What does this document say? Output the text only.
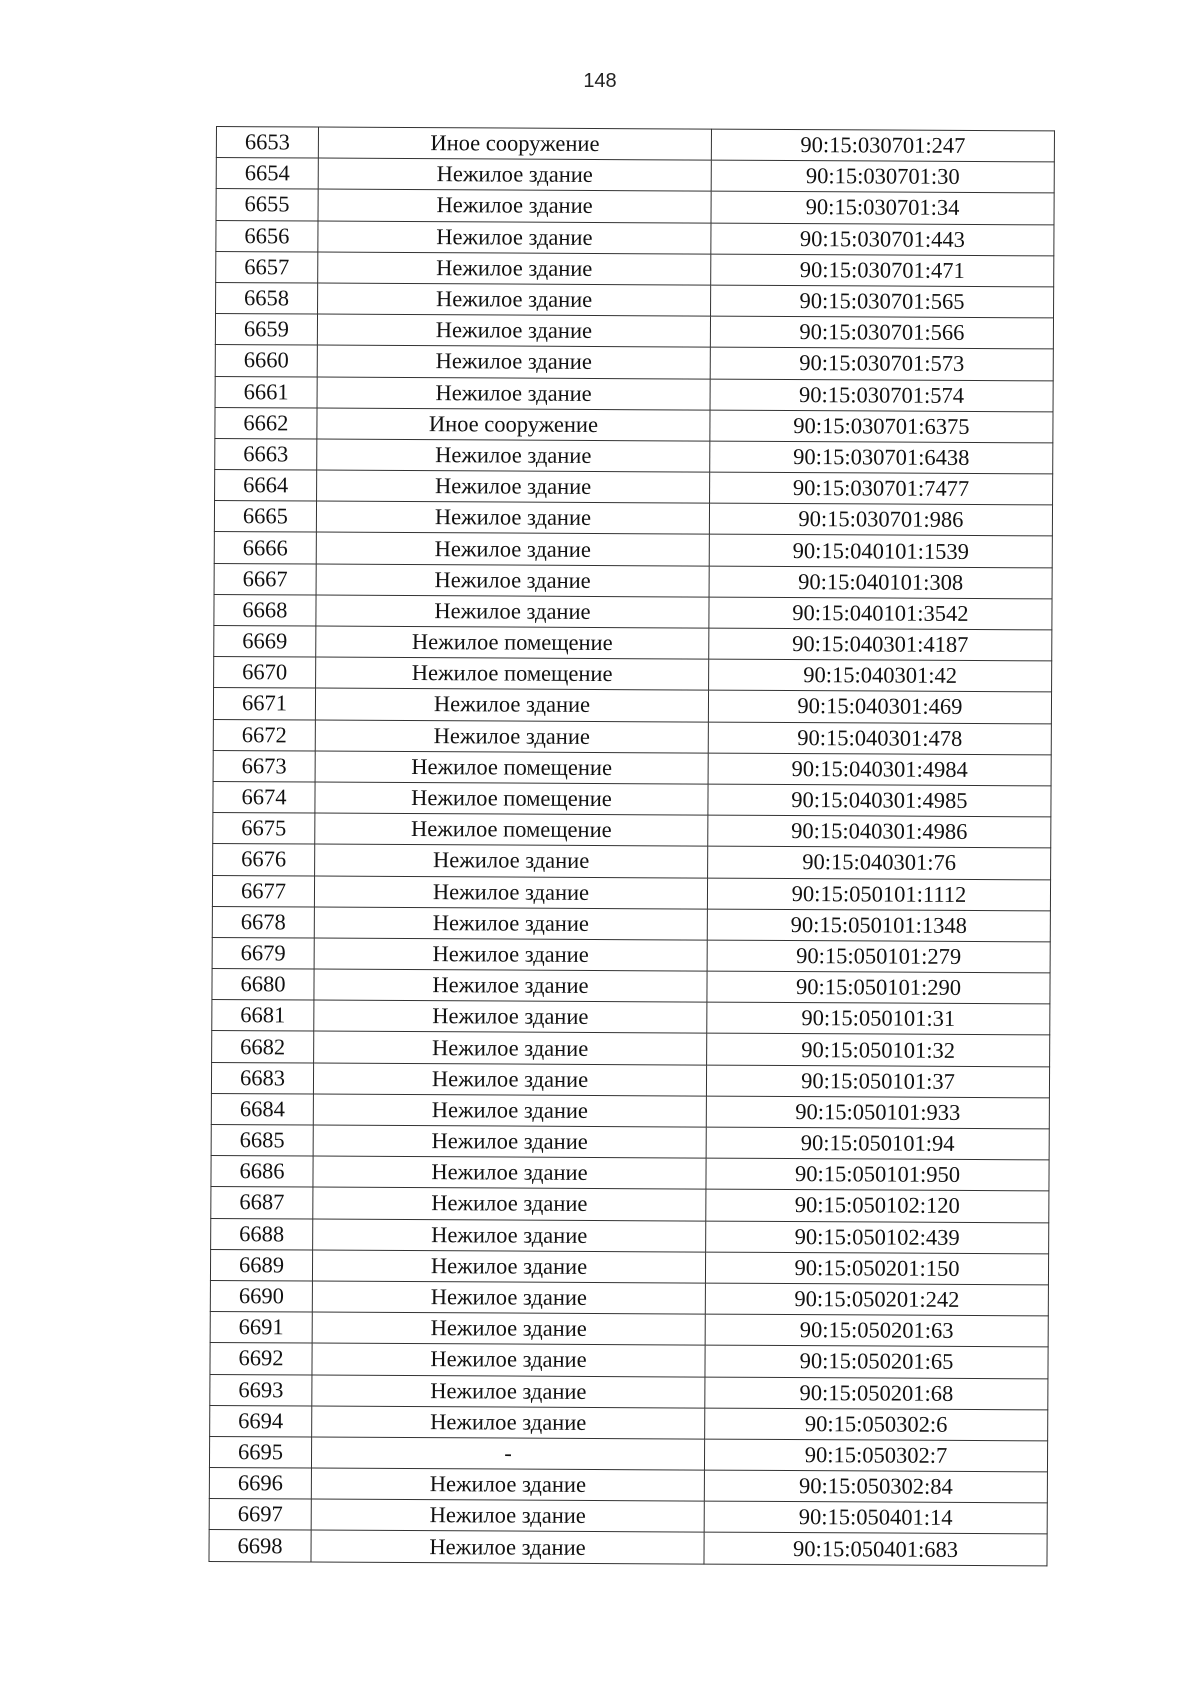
148
6653	Иное сооружение	90:15:030701:247
6654	Нежилое здание	90:15:030701:30
6655	Нежилое здание	90:15:030701:34
6656	Нежилое здание	90:15:030701:443
6657	Нежилое здание	90:15:030701:471
6658	Нежилое здание	90:15:030701:565
6659	Нежилое здание	90:15:030701:566
6660	Нежилое здание	90:15:030701:573
6661	Нежилое здание	90:15:030701:574
6662	Иное сооружение	90:15:030701:6375
6663	Нежилое здание	90:15:030701:6438
6664	Нежилое здание	90:15:030701:7477
6665	Нежилое здание	90:15:030701:986
6666	Нежилое здание	90:15:040101:1539
6667	Нежилое здание	90:15:040101:308
6668	Нежилое здание	90:15:040101:3542
6669	Нежилое помещение	90:15:040301:4187
6670	Нежилое помещение	90:15:040301:42
6671	Нежилое здание	90:15:040301:469
6672	Нежилое здание	90:15:040301:478
6673	Нежилое помещение	90:15:040301:4984
6674	Нежилое помещение	90:15:040301:4985
6675	Нежилое помещение	90:15:040301:4986
6676	Нежилое здание	90:15:040301:76
6677	Нежилое здание	90:15:050101:1112
6678	Нежилое здание	90:15:050101:1348
6679	Нежилое здание	90:15:050101:279
6680	Нежилое здание	90:15:050101:290
6681	Нежилое здание	90:15:050101:31
6682	Нежилое здание	90:15:050101:32
6683	Нежилое здание	90:15:050101:37
6684	Нежилое здание	90:15:050101:933
6685	Нежилое здание	90:15:050101:94
6686	Нежилое здание	90:15:050101:950
6687	Нежилое здание	90:15:050102:120
6688	Нежилое здание	90:15:050102:439
6689	Нежилое здание	90:15:050201:150
6690	Нежилое здание	90:15:050201:242
6691	Нежилое здание	90:15:050201:63
6692	Нежилое здание	90:15:050201:65
6693	Нежилое здание	90:15:050201:68
6694	Нежилое здание	90:15:050302:6
6695	-	90:15:050302:7
6696	Нежилое здание	90:15:050302:84
6697	Нежилое здание	90:15:050401:14
6698	Нежилое здание	90:15:050401:683
